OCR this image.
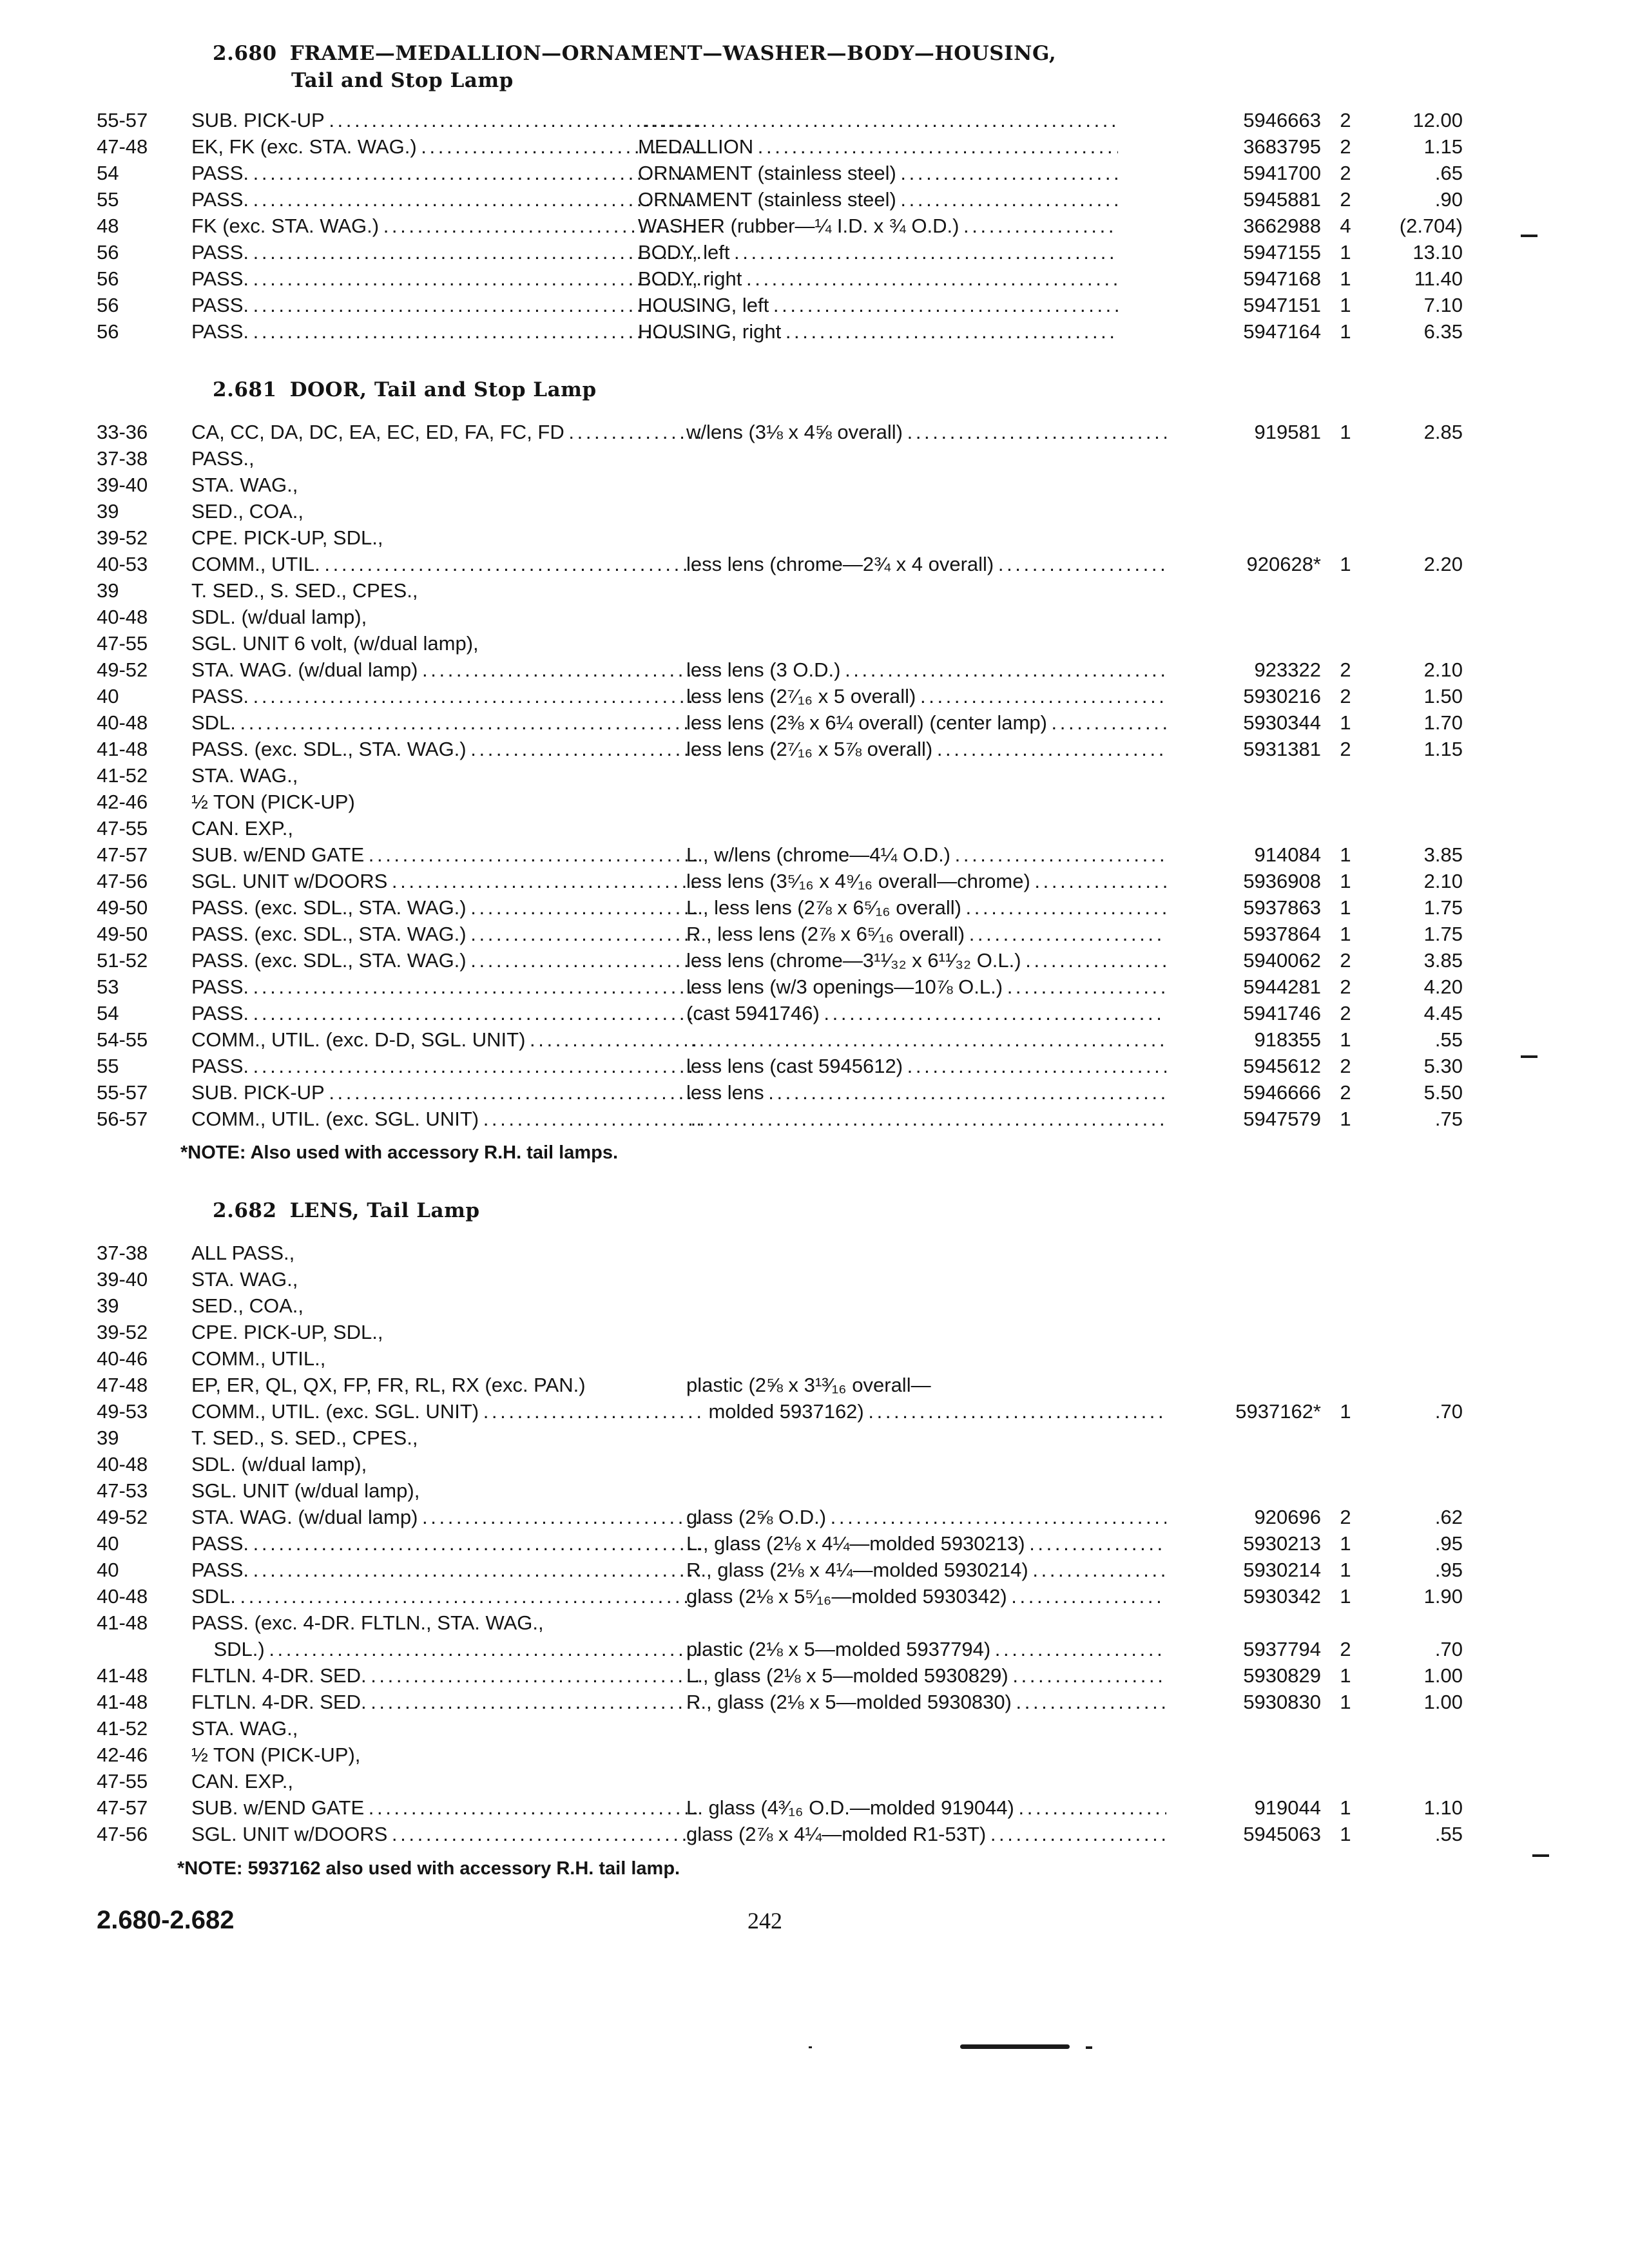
2.680 FRAME—MEDALLION—ORNAMENT—WASHER—BODY—HOUSING,
Tail and Stop Lamp
55-57	SUB. PICK-UP . . . . . .	5946663 2	12.00
47-48	EK, FK (exc. STA. WAG.) . . .	MEDALLION . . .	3683795 2	1.15
54	PASS. . . .	ORNAMENT (stainless steel) . . .	5941700 2	.65
55	PASS. . . .	ORNAMENT (stainless steel) . . .	5945881 2	.90
48	FK (exc. STA. WAG.) . . .	WASHER (rubber—¼ I.D. x ¾ O.D.) . . .	3662988 4	(2.704)
56	PASS. . . .	BODY, left . . .	5947155 1	13.10
56	PASS. . . .	BODY, right . . .	5947168 1	11.40
56	PASS. . . .	HOUSING, left . . .	5947151 1	7.10
56	PASS. . . .	HOUSING, right . . .	5947164 1	6.35
2.681 DOOR, Tail and Stop Lamp
33-36	CA, CC, DA, DC, EA, EC, ED, FA, FC, FD . . .	w/lens (3⅛ x 4⅝ overall) . . .	919581 1	2.85
37-38	PASS.,
39-40	STA. WAG.,
39	SED., COA.,
39-52	CPE. PICK-UP, SDL.,
40-53	COMM., UTIL. . . .	less lens (chrome—2¾ x 4 overall) . . .	920628* 1	2.20
39	T. SED., S. SED., CPES.,
40-48	SDL. (w/dual lamp),
47-55	SGL. UNIT 6 volt, (w/dual lamp),
49-52	STA. WAG. (w/dual lamp) . . .	less lens (3 O.D.) . . .	923322 2	2.10
40	PASS. . . .	less lens (2⁷⁄₁₆ x 5 overall) . . .	5930216 2	1.50
40-48	SDL. . . .	less lens (2⅜ x 6¼ overall) (center lamp) . . .	5930344 1	1.70
41-48	PASS. (exc. SDL., STA. WAG.) . . .	less lens (2⁷⁄₁₆ x 5⅞ overall) . . .	5931381 2	1.15
41-52	STA. WAG.,
42-46	½ TON (PICK-UP)
47-55	CAN. EXP.,
47-57	SUB. w/END GATE . . .	L., w/lens (chrome—4¼ O.D.) . . .	914084 1	3.85
47-56	SGL. UNIT w/DOORS . . .	less lens (3⁵⁄₁₆ x 4⁹⁄₁₆ overall—chrome) . . .	5936908 1	2.10
49-50	PASS. (exc. SDL., STA. WAG.) . . .	L., less lens (2⅞ x 6⁵⁄₁₆ overall) . . .	5937863 1	1.75
49-50	PASS. (exc. SDL., STA. WAG.) . . .	R., less lens (2⅞ x 6⁵⁄₁₆ overall) . . .	5937864 1	1.75
51-52	PASS. (exc. SDL., STA. WAG.) . . .	less lens (chrome—3¹¹⁄₃₂ x 6¹¹⁄₃₂ O.L.) . . .	5940062 2	3.85
53	PASS. . . .	less lens (w/3 openings—10⅞ O.L.) . . .	5944281 2	4.20
54	PASS. . . .	(cast 5941746) . . .	5941746 2	4.45
54-55	COMM., UTIL. (exc. D-D, SGL. UNIT) . . . . . .	918355 1	.55
55	PASS. . . .	less lens (cast 5945612) . . .	5945612 2	5.30
55-57	SUB. PICK-UP . . .	less lens . . .	5946666 2	5.50
56-57	COMM., UTIL. (exc. SGL. UNIT) . . . . . .	5947579 1	.75
*NOTE: Also used with accessory R.H. tail lamps.
2.682 LENS, Tail Lamp
37-38	ALL PASS.,
39-40	STA. WAG.,
39	SED., COA.,
39-52	CPE. PICK-UP, SDL.,
40-46	COMM., UTIL.,
47-48	EP, ER, QL, QX, FP, FR, RL, RX (exc. PAN.)	plastic (2⅝ x 3¹³⁄₁₆ overall—
49-53	COMM., UTIL. (exc. SGL. UNIT) . . .	molded 5937162) . . .	5937162* 1	.70
39	T. SED., S. SED., CPES.,
40-48	SDL. (w/dual lamp),
47-53	SGL. UNIT (w/dual lamp),
49-52	STA. WAG. (w/dual lamp) . . .	glass (2⅝ O.D.) . . .	920696 2	.62
40	PASS. . . .	L., glass (2⅛ x 4¼—molded 5930213) . . .	5930213 1	.95
40	PASS. . . .	R., glass (2⅛ x 4¼—molded 5930214) . . .	5930214 1	.95
40-48	SDL. . . .	glass (2⅛ x 5⁵⁄₁₆—molded 5930342) . . .	5930342 1	1.90
41-48	PASS. (exc. 4-DR. FLTLN., STA. WAG.,
SDL.) . . .	plastic (2⅛ x 5—molded 5937794) . . .	5937794 2	.70
41-48	FLTLN. 4-DR. SED. . . .	L., glass (2⅛ x 5—molded 5930829) . . .	5930829 1	1.00
41-48	FLTLN. 4-DR. SED. . . .	R., glass (2⅛ x 5—molded 5930830) . . .	5930830 1	1.00
41-52	STA. WAG.,
42-46	½ TON (PICK-UP),
47-55	CAN. EXP.,
47-57	SUB. w/END GATE . . .	L. glass (4³⁄₁₆ O.D.—molded 919044) . . .	919044 1	1.10
47-56	SGL. UNIT w/DOORS . . .	glass (2⅞ x 4¼—molded R1-53T) . . .	5945063 1	.55
*NOTE: 5937162 also used with accessory R.H. tail lamp.
2.680-2.682	242
